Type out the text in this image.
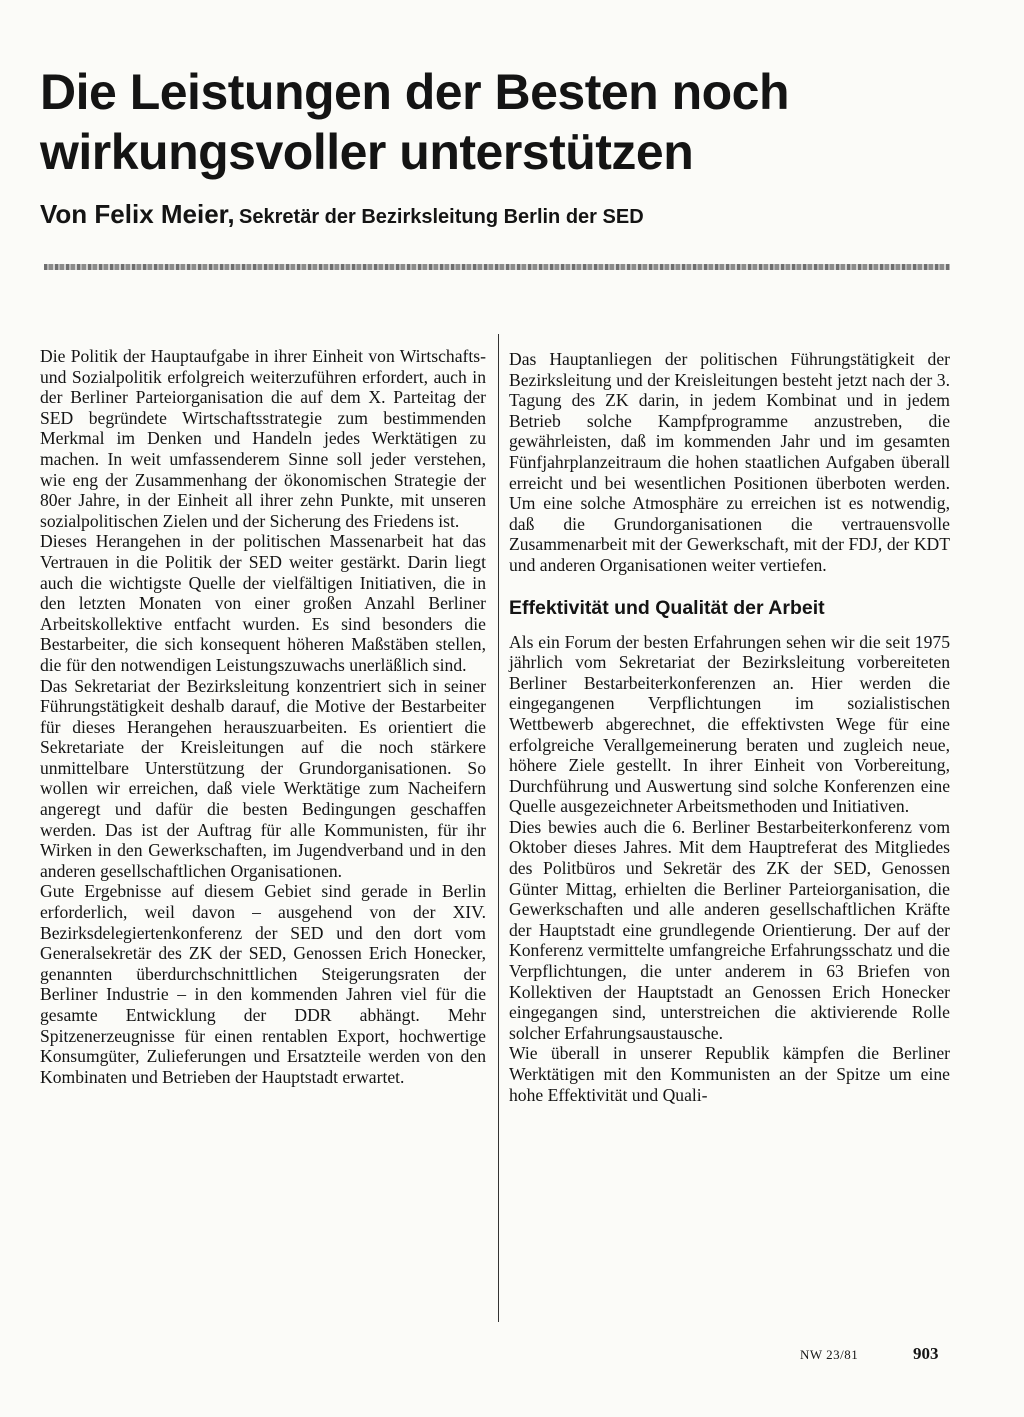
Die Leistungen der Besten noch
wirkungsvoller unterstützen
Von Felix Meier, Sekretär der Bezirksleitung Berlin der SED

Die Politik der Hauptaufgabe in ihrer Einheit von Wirtschafts- und Sozialpolitik erfolgreich weiterzuführen erfordert, auch in der Berliner Parteiorganisation die auf dem X. Parteitag der SED begründete Wirtschaftsstrategie zum bestimmenden Merkmal im Denken und Handeln jedes Werktätigen zu machen. In weit umfassenderem Sinne soll jeder verstehen, wie eng der Zusammenhang der ökonomischen Strategie der 80er Jahre, in der Einheit all ihrer zehn Punkte, mit unseren sozialpolitischen Zielen und der Sicherung des Friedens ist.

Dieses Herangehen in der politischen Massenarbeit hat das Vertrauen in die Politik der SED weiter gestärkt. Darin liegt auch die wichtigste Quelle der vielfältigen Initiativen, die in den letzten Monaten von einer großen Anzahl Berliner Arbeitskollektive entfacht wurden. Es sind besonders die Bestarbeiter, die sich konsequent höheren Maßstäben stellen, die für den notwendigen Leistungszuwachs unerläßlich sind.

Das Sekretariat der Bezirksleitung konzentriert sich in seiner Führungstätigkeit deshalb darauf, die Motive der Bestarbeiter für dieses Herangehen herauszuarbeiten. Es orientiert die Sekretariate der Kreisleitungen auf die noch stärkere unmittelbare Unterstützung der Grundorganisationen. So wollen wir erreichen, daß viele Werktätige zum Nacheifern angeregt und dafür die besten Bedingungen geschaffen werden. Das ist der Auftrag für alle Kommunisten, für ihr Wirken in den Gewerkschaften, im Jugendverband und in den anderen gesellschaftlichen Organisationen.

Gute Ergebnisse auf diesem Gebiet sind gerade in Berlin erforderlich, weil davon – ausgehend von der XIV. Bezirksdelegiertenkonferenz der SED und den dort vom Generalsekretär des ZK der SED, Genossen Erich Honecker, genannten überdurchschnittlichen Steigerungsraten der Berliner Industrie – in den kommenden Jahren viel für die gesamte Entwicklung der DDR abhängt. Mehr Spitzenerzeugnisse für einen rentablen Export, hochwertige Konsumgüter, Zulieferungen und Ersatzteile werden von den Kombinaten und Betrieben der Hauptstadt erwartet.

Das Hauptanliegen der politischen Führungstätigkeit der Bezirksleitung und der Kreisleitungen besteht jetzt nach der 3. Tagung des ZK darin, in jedem Kombinat und in jedem Betrieb solche Kampfprogramme anzustreben, die gewährleisten, daß im kommenden Jahr und im gesamten Fünfjahrplanzeitraum die hohen staatlichen Aufgaben überall erreicht und bei wesentlichen Positionen überboten werden. Um eine solche Atmosphäre zu erreichen ist es notwendig, daß die Grundorganisationen die vertrauensvolle Zusammenarbeit mit der Gewerkschaft, mit der FDJ, der KDT und anderen Organisationen weiter vertiefen.

Effektivität und Qualität der Arbeit

Als ein Forum der besten Erfahrungen sehen wir die seit 1975 jährlich vom Sekretariat der Bezirksleitung vorbereiteten Berliner Bestarbeiterkonferenzen an. Hier werden die eingegangenen Verpflichtungen im sozialistischen Wettbewerb abgerechnet, die effektivsten Wege für eine erfolgreiche Verallgemeinerung beraten und zugleich neue, höhere Ziele gestellt. In ihrer Einheit von Vorbereitung, Durchführung und Auswertung sind solche Konferenzen eine Quelle ausgezeichneter Arbeitsmethoden und Initiativen.

Dies bewies auch die 6. Berliner Bestarbeiterkonferenz vom Oktober dieses Jahres. Mit dem Hauptreferat des Mitgliedes des Politbüros und Sekretär des ZK der SED, Genossen Günter Mittag, erhielten die Berliner Parteiorganisation, die Gewerkschaften und alle anderen gesellschaftlichen Kräfte der Hauptstadt eine grundlegende Orientierung. Der auf der Konferenz vermittelte umfangreiche Erfahrungsschatz und die Verpflichtungen, die unter anderem in 63 Briefen von Kollektiven der Hauptstadt an Genossen Erich Honecker eingegangen sind, unterstreichen die aktivierende Rolle solcher Erfahrungsaustausche.

Wie überall in unserer Republik kämpfen die Berliner Werktätigen mit den Kommunisten an der Spitze um eine hohe Effektivität und Quali-

NW 23/81	903
